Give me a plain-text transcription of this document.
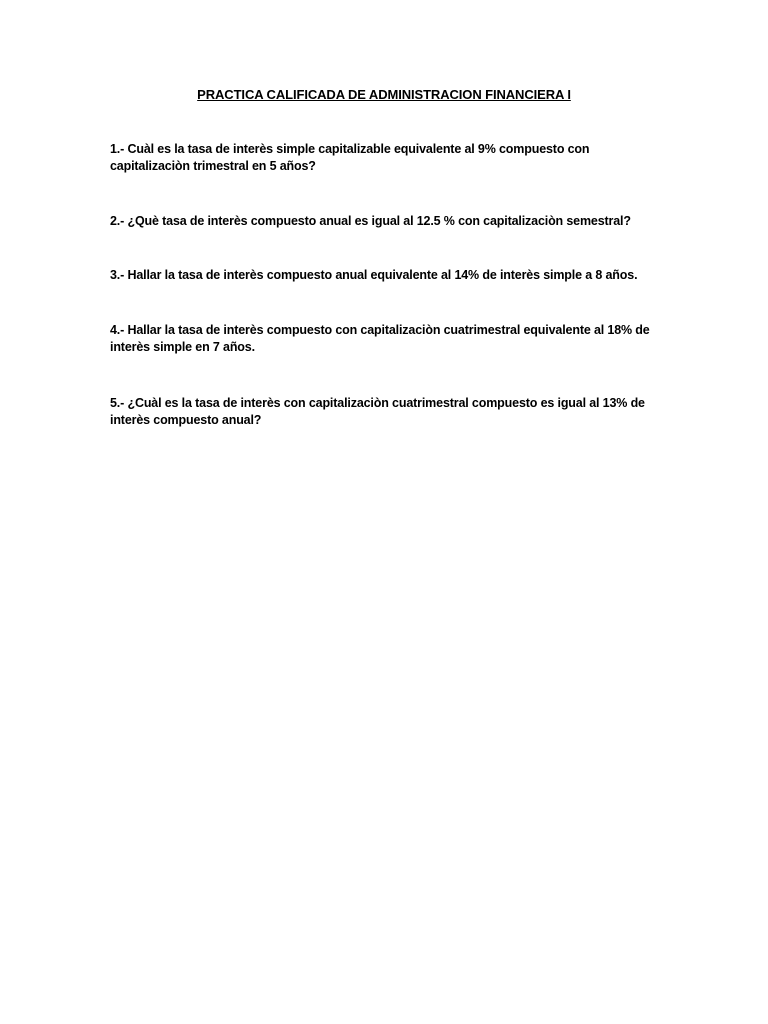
PRACTICA CALIFICADA DE ADMINISTRACION FINANCIERA I
1.- Cuàl es la tasa de interès simple capitalizable equivalente al 9% compuesto con capitalizaciòn trimestral en 5 años?
2.- ¿Què tasa de interès compuesto anual es igual al 12.5 % con capitalizaciòn semestral?
3.- Hallar la tasa de interès compuesto anual equivalente al 14% de interès simple a 8 años.
4.- Hallar la tasa de interès compuesto con capitalizaciòn cuatrimestral equivalente al 18% de interès simple en 7 años.
5.- ¿Cuàl es la tasa de interès con capitalizaciòn cuatrimestral compuesto es igual al 13% de interès compuesto anual?
